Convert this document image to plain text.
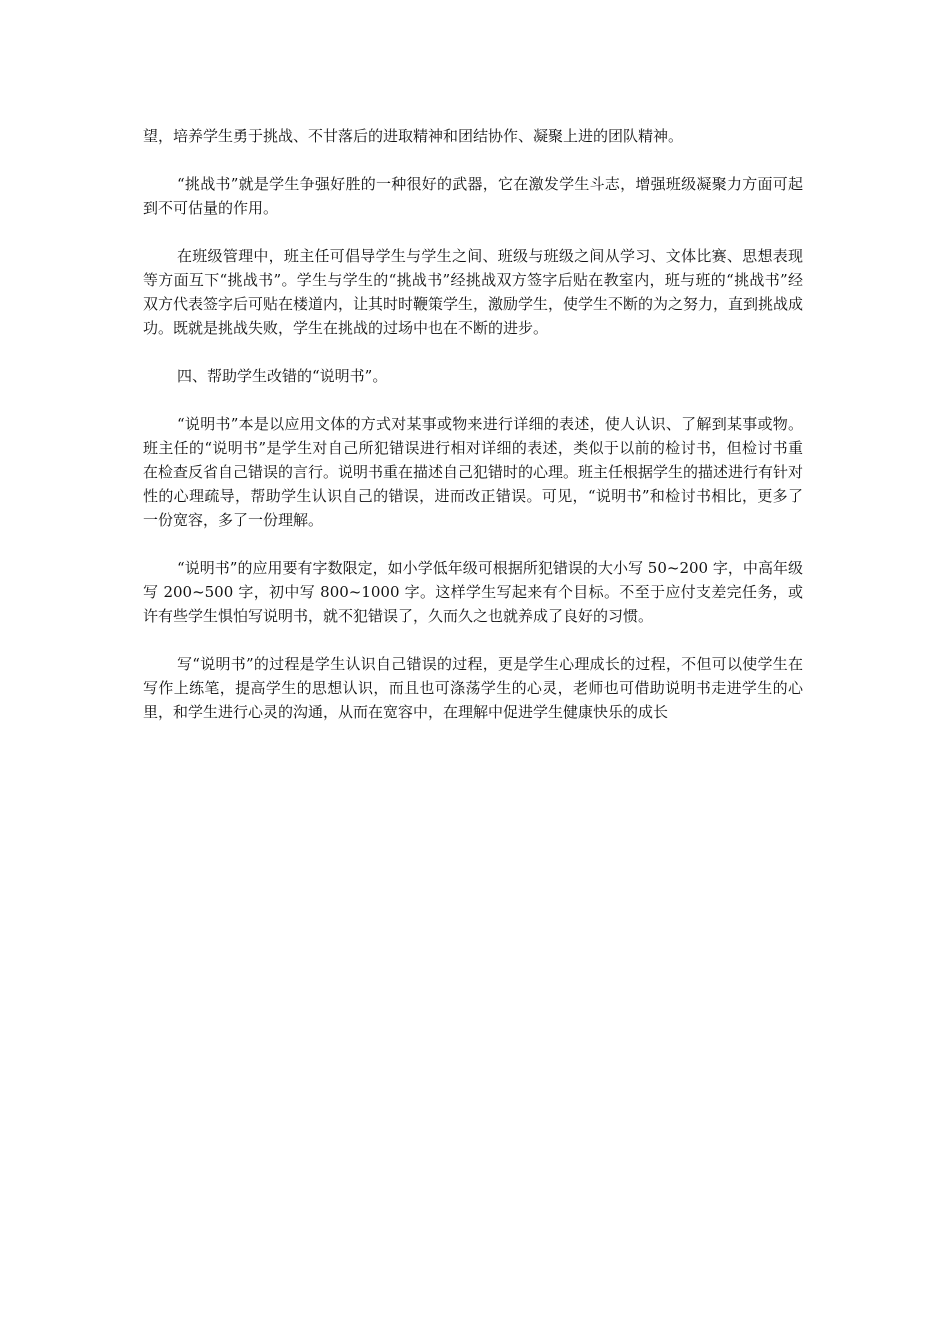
望，培养学生勇于挑战、不甘落后的进取精神和团结协作、凝聚上进的团队精神。

“挑战书”就是学生争强好胜的一种很好的武器，它在激发学生斗志，增强班级凝聚力方面可起到不可估量的作用。

在班级管理中，班主任可倡导学生与学生之间、班级与班级之间从学习、文体比赛、思想表现等方面互下“挑战书”。学生与学生的“挑战书”经挑战双方签字后贴在教室内，班与班的“挑战书”经双方代表签字后可贴在楼道内，让其时时鞭策学生，激励学生，使学生不断的为之努力，直到挑战成功。既就是挑战失败，学生在挑战的过场中也在不断的进步。

四、帮助学生改错的“说明书”。

“说明书”本是以应用文体的方式对某事或物来进行详细的表述，使人认识、了解到某事或物。班主任的“说明书”是学生对自己所犯错误进行相对详细的表述，类似于以前的检讨书，但检讨书重在检查反省自己错误的言行。说明书重在描述自己犯错时的心理。班主任根据学生的描述进行有针对性的心理疏导，帮助学生认识自己的错误，进而改正错误。可见，“说明书”和检讨书相比，更多了一份宽容，多了一份理解。

“说明书”的应用要有字数限定，如小学低年级可根据所犯错误的大小写 50~200 字，中高年级写 200~500 字，初中写 800~1000 字。这样学生写起来有个目标。不至于应付支差完任务，或许有些学生惧怕写说明书，就不犯错误了，久而久之也就养成了良好的习惯。

写“说明书”的过程是学生认识自己错误的过程，更是学生心理成长的过程，不但可以使学生在写作上练笔，提高学生的思想认识，而且也可涤荡学生的心灵，老师也可借助说明书走进学生的心里，和学生进行心灵的沟通，从而在宽容中，在理解中促进学生健康快乐的成长
